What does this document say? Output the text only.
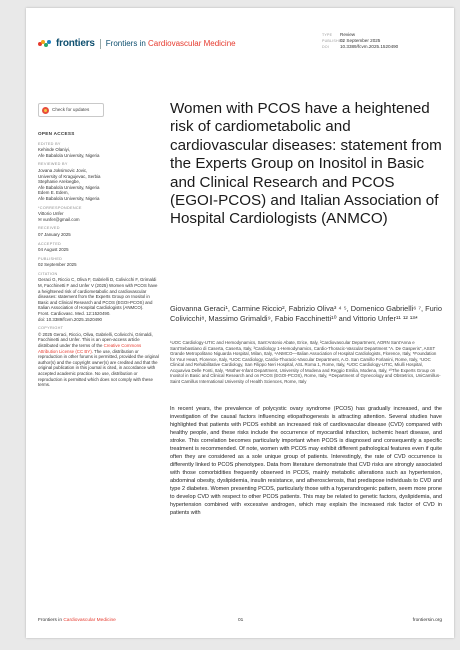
frontiers Frontiers in Cardiovascular Medicine
TYPE Review
PUBLISHED02 September 2025
DOI 10.3389/fcvm.2025.1520490
Check for updates
OPEN ACCESS
EDITED BY
Kehinde Olaniyi,
Afe Babalola University, Nigeria
REVIEWED BY
Jovana Joksimovic Jovic,
University of Kragujevac, Serbia
Stephanie Areloegbe,
Afe Babalola University, Nigeria
Edem E. Edem,
Afe Babalola University, Nigeria
*CORRESPONDENCE
Vittorio Unfer
✉ vunfer@gmail.com
RECEIVED
07 January 2025
ACCEPTED
04 August 2025
PUBLISHED
02 September 2025
CITATION
Geraci G, Riccio C, Oliva F, Gabrielli D, Colivicchi F, Grimaldi M, Facchinetti F and Unfer V (2025) Women with PCOS have a heightened risk of cardiometabolic and cardiovascular diseases: statement from the Experts Group on Inositol in Basic and Clinical Research and PCOS (EGOI-PCOS) and Italian Association of Hospital Cardiologists (ANMCO).
Front. Cardiovasc. Med. 12:1520490.
doi: 10.3389/fcvm.2025.1520490
COPYRIGHT
© 2025 Geraci, Riccio, Oliva, Gabrielli, Colivicchi, Grimaldi, Facchinetti and Unfer. This is an open-access article distributed under the terms of the Creative Commons Attribution License (CC BY). The use, distribution or reproduction in other forums is permitted, provided the original author(s) and the copyright owner(s) are credited and that the original publication in this journal is cited, in accordance with accepted academic practice. No use, distribution or reproduction is permitted which does not comply with these terms.
Women with PCOS have a heightened risk of cardiometabolic and cardiovascular diseases: statement from the Experts Group on Inositol in Basic and Clinical Research and PCOS (EGOI-PCOS) and Italian Association of Hospital Cardiologists (ANMCO)
Giovanna Geraci¹, Carmine Riccio², Fabrizio Oliva³ ⁴ ⁵, Domenico Gabrielli⁶ ⁷, Furio Colivicchi⁸, Massimo Grimaldi⁹, Fabio Facchinetti¹⁰ and Vittorio Unfer¹¹ ¹² ¹³*
¹UOC Cardiology-UTIC and Hemodynamics, Sant'Antonio Abate, Erice, Italy, ²Cardiovascular Department, AORN Sant'Anna e Sant'Sebastiano di Caserta, Caserta, Italy, ³Cardiology 1-Hemodynamics, Cardio-Thoracic-Vascular Department "A. De Gasperis", ASST Grande Metropolitano Niguarda Hospital, Milan, Italy, ⁴ANMCO—Italian Association of Hospital Cardiologists, Florence, Italy, ⁵Foundation for Your Heart, Florence, Italy, ⁶UOC Cardiology, Cardio-Thoracic-Vascular Department, A.O. San Camillo Forlanini, Rome, Italy, ⁷UOC Clinical and Rehabilitative Cardiology, San Filippo Neri Hospital, ASL Roma 1, Rome, Italy, ⁸UOC Cardiology-UTIC, Miulli Hospital, Acquaviva Delle Fonti, Italy, ⁹Mother-Infant Department, University of Modena and Reggio Emilia, Modena, Italy, ¹⁰The Experts Group on Inositol in Basic and Clinical Research and on PCOS (EGOI-PCOS), Rome, Italy, ¹¹Department of Gynecology and Obstetrics, UniCamillus-Saint Camillus International University of Health Sciences, Rome, Italy
In recent years, the prevalence of polycystic ovary syndrome (PCOS) has gradually increased, and the investigation of the causal factors influencing etiopathogenesis is attracting attention. Several studies have highlighted that patients with PCOS exhibit an increased risk of cardiovascular disease (CVD) compared with healthy people, and these risks include the occurrence of myocardial infarction, ischemic heart disease, and stroke. This correlation becomes particularly important when PCOS is diagnosed and consequently a specific treatment is recommended. Of note, women with PCOS may exhibit different pathological features even if quite often they are considered as a sole unique group of patients. Interestingly, the rate of CVD occurrence is differently linked to PCOS phenotypes. Data from literature demonstrate that CVD risks are strongly associated with those comorbidities frequently observed in PCOS, mainly metabolic alterations such as hypertension, abdominal obesity, dyslipidemia, insulin resistance, and atherosclerosis, that predispose individuals to CVD and type 2 diabetes. Women presenting PCOS, particularly those with a hyperandrogenic pattern, seem more prone to develop CVD with respect to other PCOS patients. This may be related to genetic factors, dyslipidemia, and hypertension combined with excessive androgen, which may explain the increased risk factor of CVD in patients with
Frontiers in Cardiovascular Medicine	01	frontiersin.org
